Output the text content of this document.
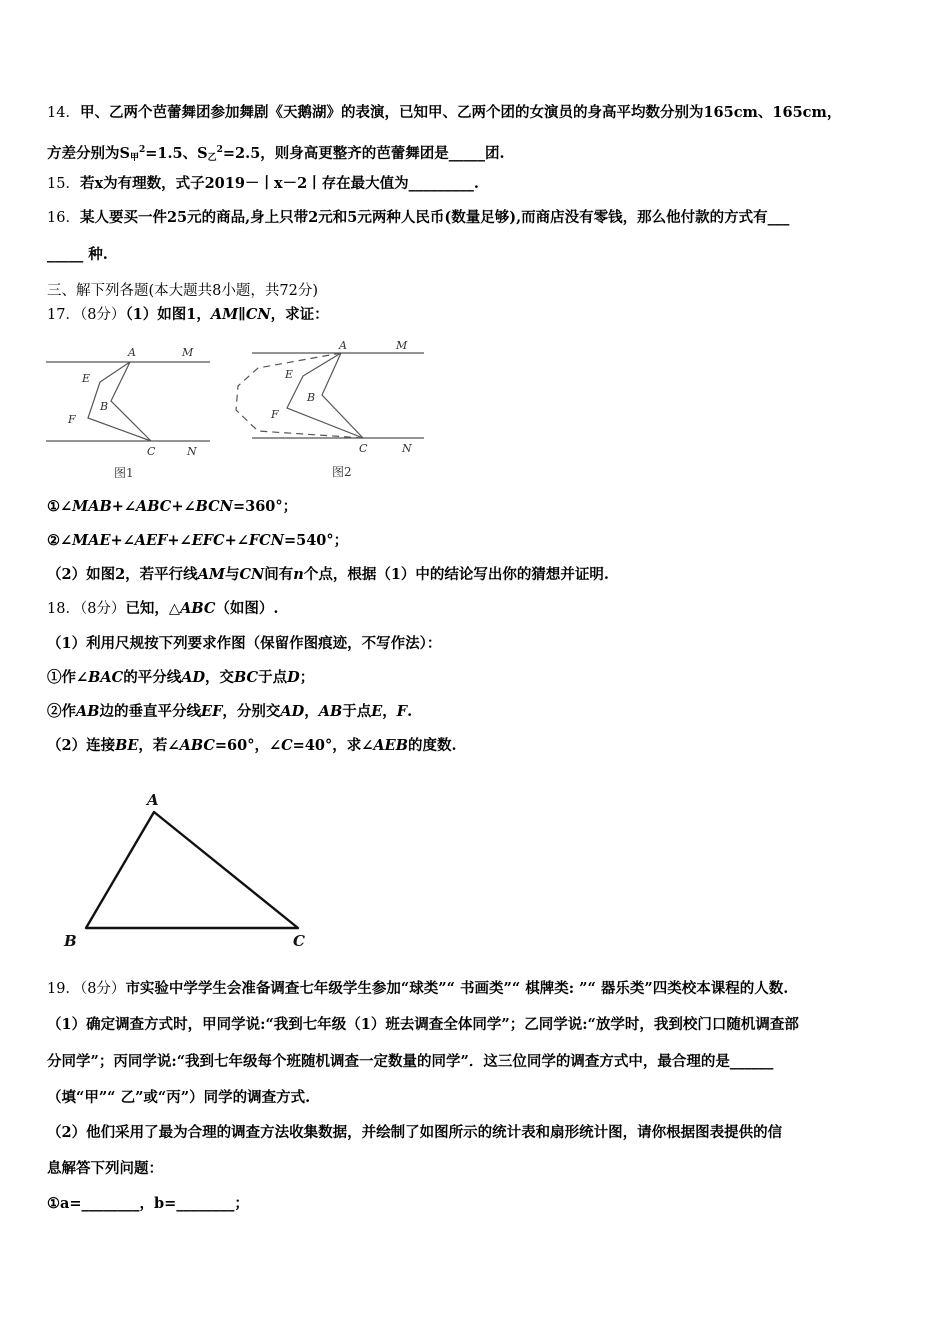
14．甲、乙两个芭蕾舞团参加舞剧《天鹅湖》的表演，已知甲、乙两个团的女演员的身高平均数分别为165cm、165cm，
方差分别为$S_甲^2=1.5$、$S_乙^2=2.5$，则身高更整齐的芭蕾舞团是_____团.
15．若x为有理数，式子2019－丨x－2丨存在最大值为_________.
16．某人要买一件25元的商品,身上只带2元和5元两种人民币(数量足够),而商店没有零钱，那么他付款的方式有___
_____ 种.
三、解下列各题(本大题共8小题，共72分)
17．（8分）（1）如图1，AM∥CN，求证：
A	M
E
B
F
C	N
图1
A	M
E
B
F
C	N
图2
①∠MAB+∠ABC+∠BCN=360°；
②∠MAE+∠AEF+∠EFC+∠FCN=540°；
（2）如图2，若平行线AM与CN间有n个点，根据（1）中的结论写出你的猜想并证明.
18．（8分）已知，△ABC（如图）.
（1）利用尺规按下列要求作图（保留作图痕迹，不写作法）：
①作∠BAC的平分线AD，交BC于点D；
②作AB边的垂直平分线EF，分别交AD，AB于点E，F.
（2）连接BE，若∠ABC=60°，∠C=40°，求∠AEB的度数.
A
B	C
19．（8分）市实验中学学生会准备调查七年级学生参加“球类”“ 书画类”“ 棋牌类: ”“ 器乐类”四类校本课程的人数.
（1）确定调查方式时，甲同学说:“我到七年级（1）班去调查全体同学”；乙同学说:“放学时，我到校门口随机调查部
分同学”；丙同学说:“我到七年级每个班随机调查一定数量的同学”．这三位同学的调查方式中，最合理的是______
（填“甲”“ 乙”或“丙”）同学的调查方式.
（2）他们采用了最为合理的调查方法收集数据，并绘制了如图所示的统计表和扇形统计图，请你根据图表提供的信
息解答下列问题：
①a=________，b=________；
